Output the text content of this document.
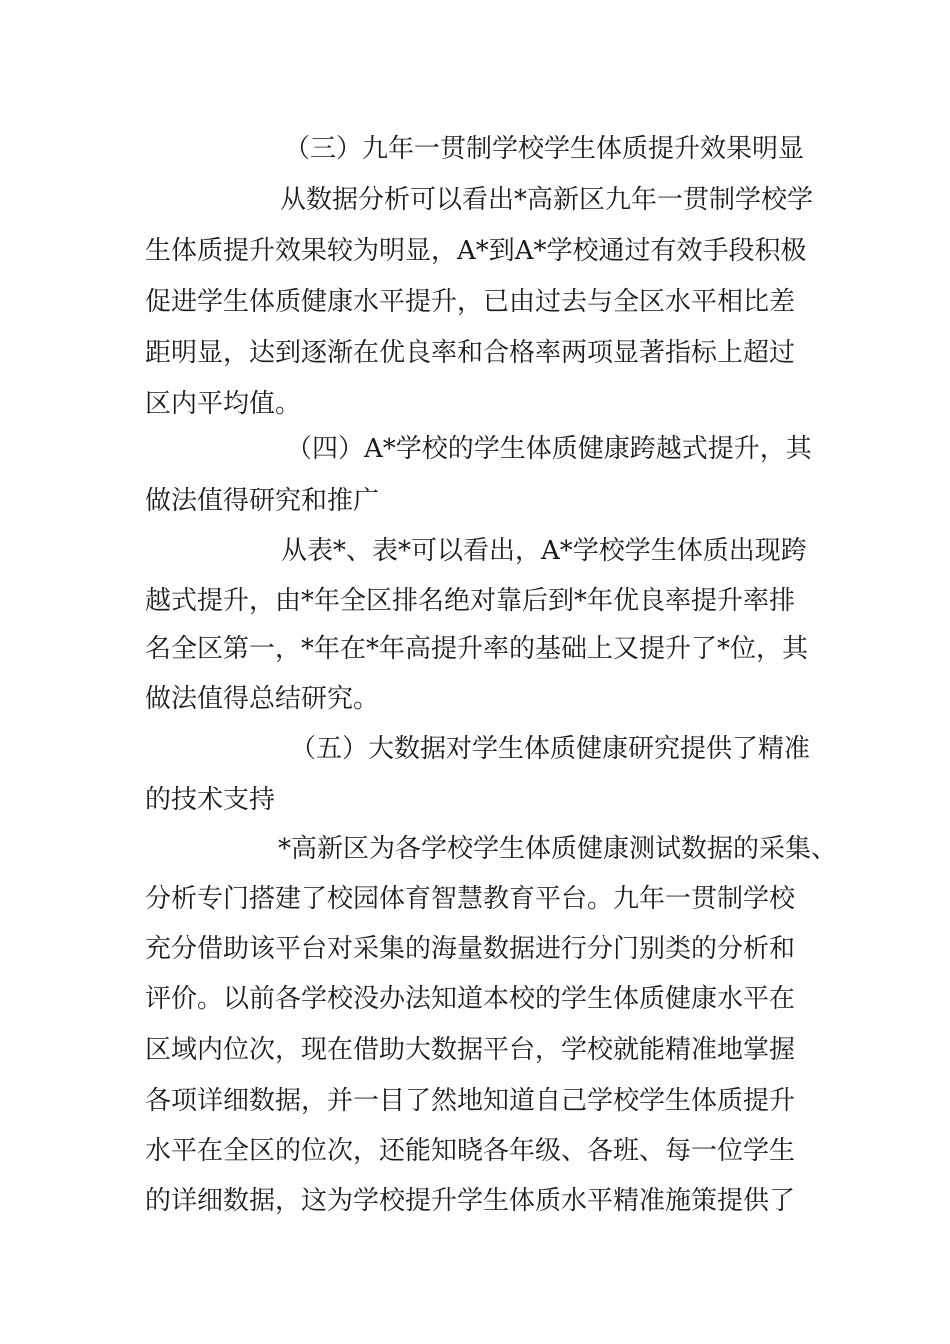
（三）九年一贯制学校学生体质提升效果明显
从数据分析可以看出*高新区九年一贯制学校学
生体质提升效果较为明显，A*到A*学校通过有效手段积极
促进学生体质健康水平提升，已由过去与全区水平相比差
距明显，达到逐渐在优良率和合格率两项显著指标上超过
区内平均值。
（四）A*学校的学生体质健康跨越式提升，其
做法值得研究和推广
从表*、表*可以看出，A*学校学生体质出现跨
越式提升，由*年全区排名绝对靠后到*年优良率提升率排
名全区第一，*年在*年高提升率的基础上又提升了*位，其
做法值得总结研究。
（五）大数据对学生体质健康研究提供了精准
的技术支持
*高新区为各学校学生体质健康测试数据的采集、
分析专门搭建了校园体育智慧教育平台。九年一贯制学校
充分借助该平台对采集的海量数据进行分门别类的分析和
评价。以前各学校没办法知道本校的学生体质健康水平在
区域内位次，现在借助大数据平台，学校就能精准地掌握
各项详细数据，并一目了然地知道自己学校学生体质提升
水平在全区的位次，还能知晓各年级、各班、每一位学生
的详细数据，这为学校提升学生体质水平精准施策提供了
